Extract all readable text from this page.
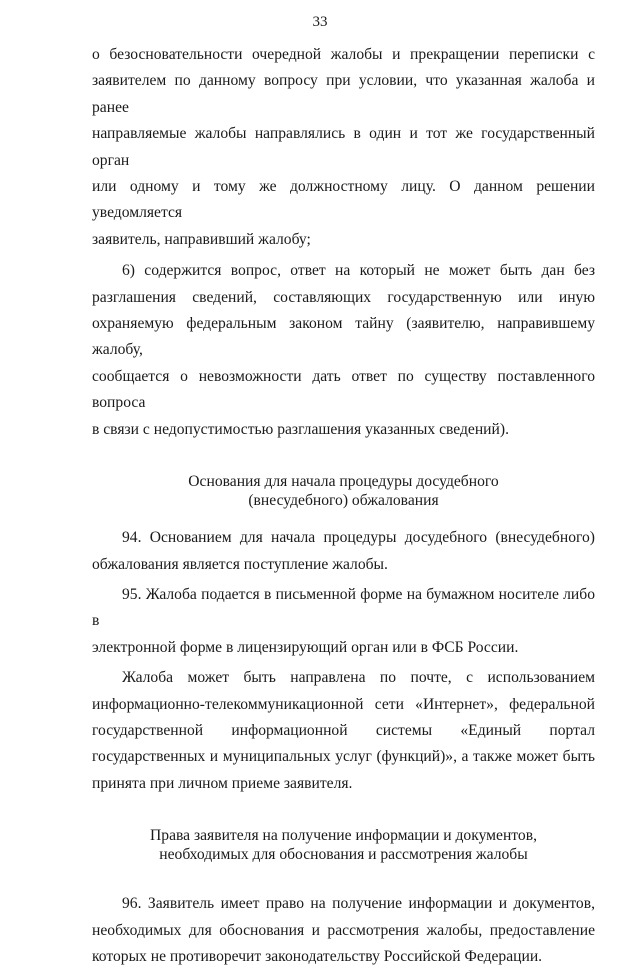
33

о безосновательности очередной жалобы и прекращении переписки с

заявителем по данному вопросу при условии, что указанная жалоба и ранее

направляемые жалобы направлялись в один и тот же государственный орган

или одному и тому же должностному лицу. О данном решении уведомляется

заявитель, направивший жалобу;

6) содержится вопрос, ответ на который не может быть дан без

разглашения сведений, составляющих государственную или иную

охраняемую федеральным законом тайну (заявителю, направившему жалобу,

сообщается о невозможности дать ответ по существу поставленного вопроса

в связи с недопустимостью разглашения указанных сведений).

Основания для начала процедуры досудебного
(внесудебного) обжалования

94. Основанием для начала процедуры досудебного (внесудебного)

обжалования является поступление жалобы.

95. Жалоба подается в письменной форме на бумажном носителе либо в

электронной форме в лицензирующий орган или в ФСБ России.

Жалоба может быть направлена по почте, с использованием

информационно-телекоммуникационной сети «Интернет», федеральной

государственной информационной системы «Единый портал

государственных и муниципальных услуг (функций)», а также может быть

принята при личном приеме заявителя.

Права заявителя на получение информации и документов,
необходимых для обоснования и рассмотрения жалобы

96. Заявитель имеет право на получение информации и документов,

необходимых для обоснования и рассмотрения жалобы, предоставление

которых не противоречит законодательству Российской Федерации.
